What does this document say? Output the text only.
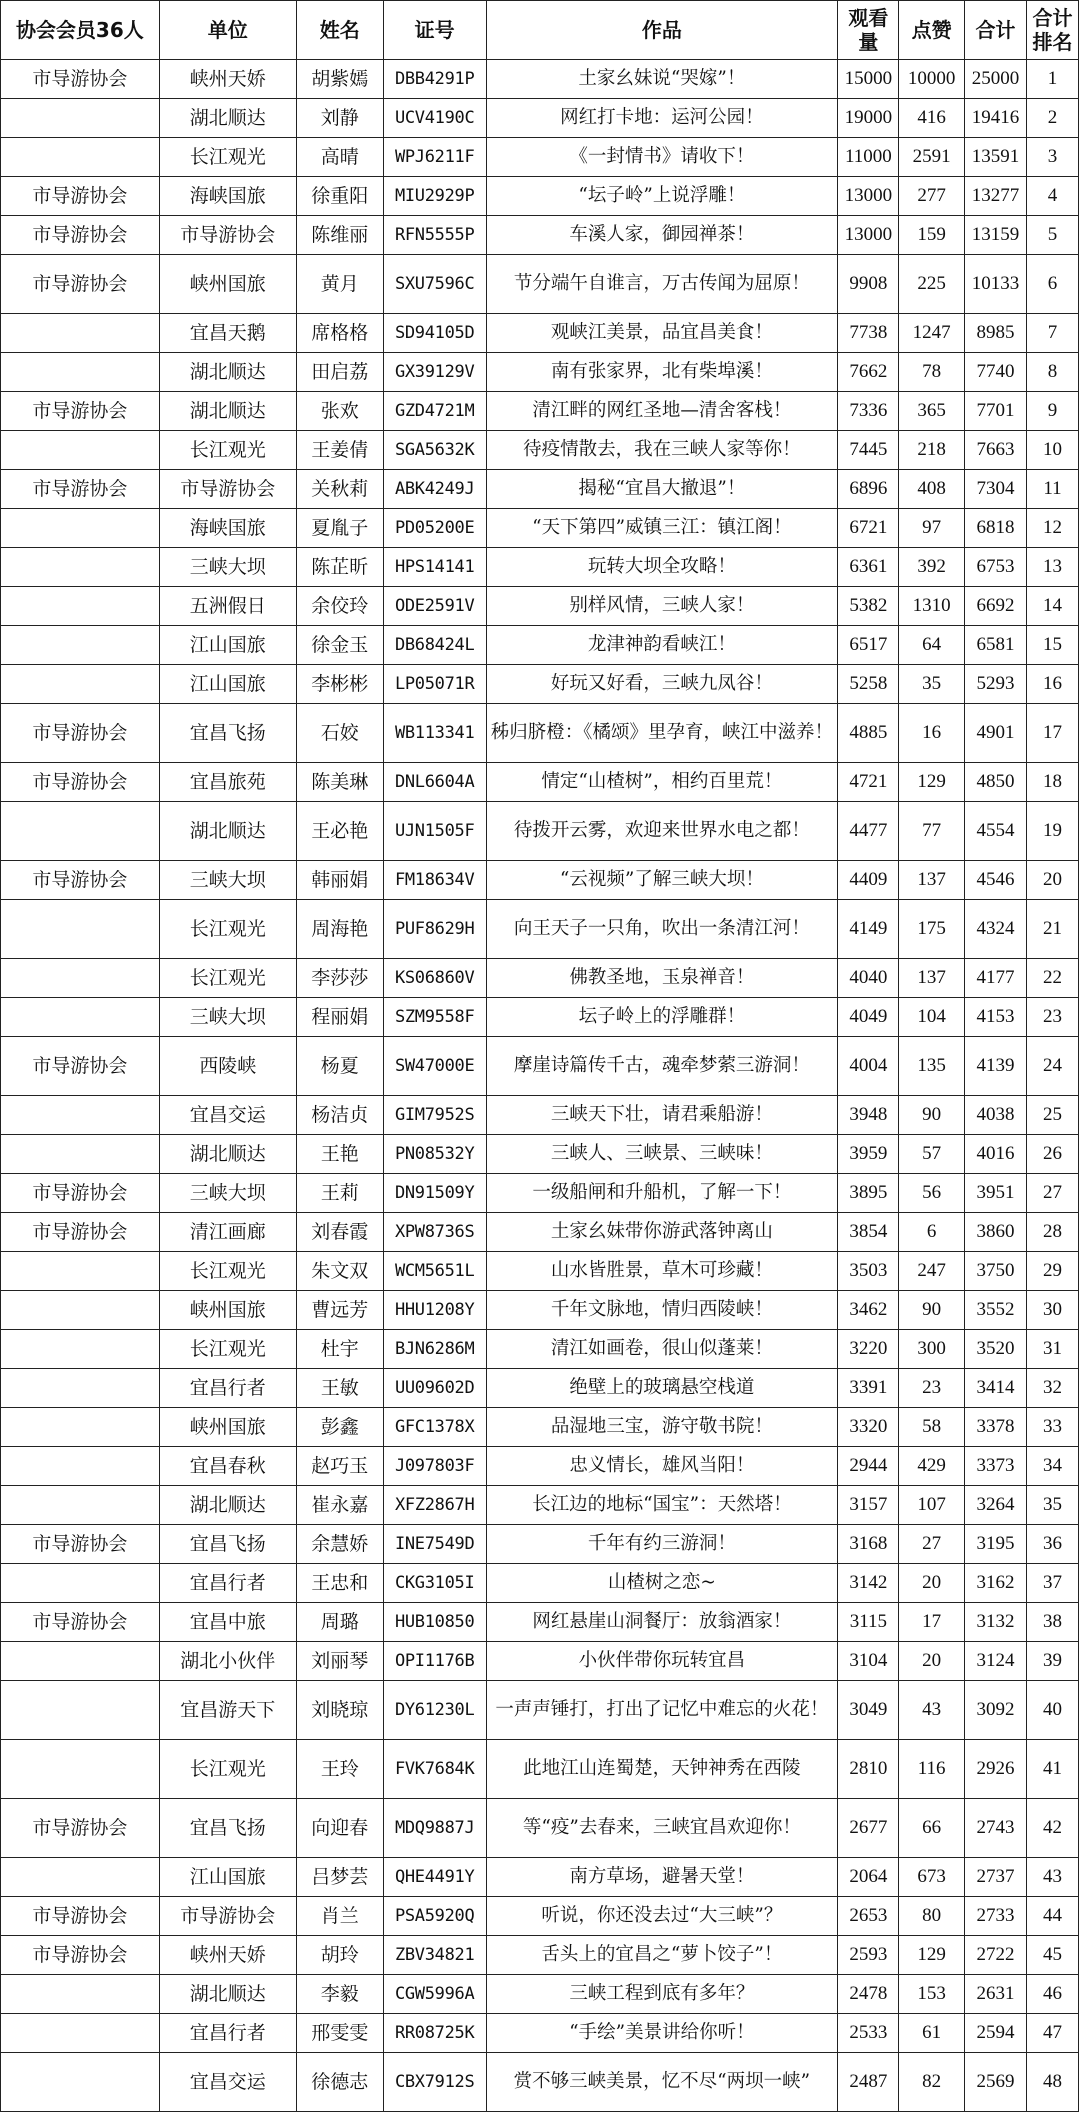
协会会员36人	单位	姓名	证号	作品	观看量	点赞	合计	合计排名
市导游协会	峡州天娇	胡紫嫣	DBB4291P	土家幺妹说“哭嫁”！	15000	10000	25000	1
	湖北顺达	刘静	UCV4190C	网红打卡地：运河公园！	19000	416	19416	2
	长江观光	高晴	WPJ6211F	《一封情书》请收下！	11000	2591	13591	3
市导游协会	海峡国旅	徐重阳	MIU2929P	“坛子岭”上说浮雕！	13000	277	13277	4
市导游协会	市导游协会	陈维丽	RFN5555P	车溪人家，御园禅茶！	13000	159	13159	5
市导游协会	峡州国旅	黄月	SXU7596C	节分端午自谁言，万古传闻为屈原！	9908	225	10133	6
	宜昌天鹅	席格格	SD94105D	观峡江美景，品宜昌美食！	7738	1247	8985	7
	湖北顺达	田启荔	GX39129V	南有张家界，北有柴埠溪！	7662	78	7740	8
市导游协会	湖北顺达	张欢	GZD4721M	清江畔的网红圣地—清舍客栈！	7336	365	7701	9
	长江观光	王姜倩	SGA5632K	待疫情散去，我在三峡人家等你！	7445	218	7663	10
市导游协会	市导游协会	关秋莉	ABK4249J	揭秘“宜昌大撤退”！	6896	408	7304	11
	海峡国旅	夏胤子	PD05200E	“天下第四”威镇三江：镇江阁！	6721	97	6818	12
	三峡大坝	陈芷昕	HPS14141	玩转大坝全攻略！	6361	392	6753	13
	五洲假日	余佼玲	ODE2591V	别样风情，三峡人家！	5382	1310	6692	14
	江山国旅	徐金玉	DB68424L	龙津神韵看峡江！	6517	64	6581	15
	江山国旅	李彬彬	LP05071R	好玩又好看，三峡九凤谷！	5258	35	5293	16
市导游协会	宜昌飞扬	石姣	WB113341	秭归脐橙：《橘颂》里孕育，峡江中滋养！	4885	16	4901	17
市导游协会	宜昌旅苑	陈美琳	DNL6604A	情定“山楂树”，相约百里荒！	4721	129	4850	18
	湖北顺达	王必艳	UJN1505F	待拨开云雾，欢迎来世界水电之都！	4477	77	4554	19
市导游协会	三峡大坝	韩丽娟	FM18634V	“云视频”了解三峡大坝！	4409	137	4546	20
	长江观光	周海艳	PUF8629H	向王天子一只角，吹出一条清江河！	4149	175	4324	21
	长江观光	李莎莎	KS06860V	佛教圣地，玉泉禅音！	4040	137	4177	22
	三峡大坝	程丽娟	SZM9558F	坛子岭上的浮雕群！	4049	104	4153	23
市导游协会	西陵峡	杨夏	SW47000E	摩崖诗篇传千古，魂牵梦萦三游洞！	4004	135	4139	24
	宜昌交运	杨洁贞	GIM7952S	三峡天下壮，请君乘船游！	3948	90	4038	25
	湖北顺达	王艳	PN08532Y	三峡人、三峡景、三峡味！	3959	57	4016	26
市导游协会	三峡大坝	王莉	DN91509Y	一级船闸和升船机，了解一下！	3895	56	3951	27
市导游协会	清江画廊	刘春霞	XPW8736S	土家幺妹带你游武落钟离山	3854	6	3860	28
	长江观光	朱文双	WCM5651L	山水皆胜景，草木可珍藏！	3503	247	3750	29
	峡州国旅	曹远芳	HHU1208Y	千年文脉地，情归西陵峡！	3462	90	3552	30
	长江观光	杜宇	BJN6286M	清江如画卷，很山似蓬莱！	3220	300	3520	31
	宜昌行者	王敏	UU09602D	绝壁上的玻璃悬空栈道	3391	23	3414	32
	峡州国旅	彭鑫	GFC1378X	品湿地三宝，游守敬书院！	3320	58	3378	33
	宜昌春秋	赵巧玉	J097803F	忠义情长，雄风当阳！	2944	429	3373	34
	湖北顺达	崔永嘉	XFZ2867H	长江边的地标“国宝”：天然塔！	3157	107	3264	35
市导游协会	宜昌飞扬	余慧娇	INE7549D	千年有约三游洞！	3168	27	3195	36
	宜昌行者	王忠和	CKG3105I	山楂树之恋~	3142	20	3162	37
市导游协会	宜昌中旅	周璐	HUB10850	网红悬崖山洞餐厅：放翁酒家！	3115	17	3132	38
	湖北小伙伴	刘丽琴	OPI1176B	小伙伴带你玩转宜昌	3104	20	3124	39
	宜昌游天下	刘晓琼	DY61230L	一声声锤打，打出了记忆中难忘的火花！	3049	43	3092	40
	长江观光	王玲	FVK7684K	此地江山连蜀楚，天钟神秀在西陵	2810	116	2926	41
市导游协会	宜昌飞扬	向迎春	MDQ9887J	等“疫”去春来，三峡宜昌欢迎你！	2677	66	2743	42
	江山国旅	吕梦芸	QHE4491Y	南方草场，避暑天堂！	2064	673	2737	43
市导游协会	市导游协会	肖兰	PSA5920Q	听说，你还没去过“大三峡”？	2653	80	2733	44
市导游协会	峡州天娇	胡玲	ZBV34821	舌头上的宜昌之“萝卜饺子”！	2593	129	2722	45
	湖北顺达	李毅	CGW5996A	三峡工程到底有多年？	2478	153	2631	46
	宜昌行者	邢雯雯	RR08725K	“手绘”美景讲给你听！	2533	61	2594	47
	宜昌交运	徐德志	CBX7912S	赏不够三峡美景，忆不尽“两坝一峡”	2487	82	2569	48
